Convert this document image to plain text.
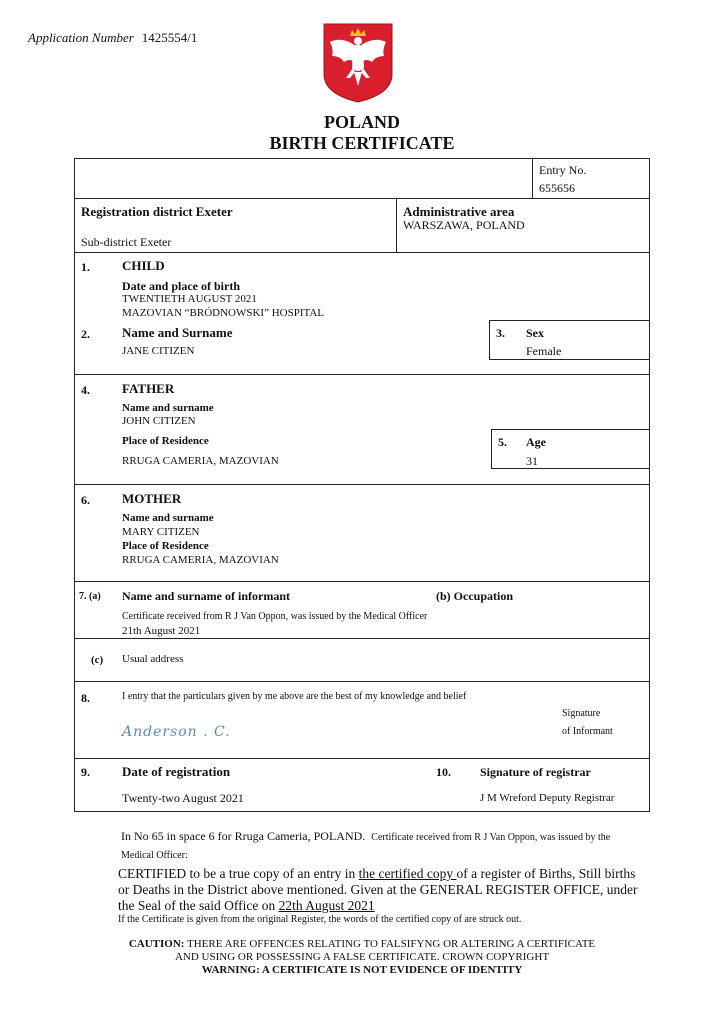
Application Number 1425554/1
POLAND
BIRTH CERTIFICATE
Entry No.
655656
Registration district Exeter
Sub-district Exeter
Administrative area
WARSZAWA, POLAND
1. CHILD
Date and place of birth
TWENTIETH AUGUST 2021
MAZOVIAN “BRÓDNOWSKI” HOSPITAL
2. Name and Surname
JANE CITIZEN
3. Sex
Female
4. FATHER
Name and surname
JOHN CITIZEN
Place of Residence
RRUGA CAMERIA, MAZOVIAN
5. Age
31
6. MOTHER
Name and surname
MARY CITIZEN
Place of Residence
RRUGA CAMERIA, MAZOVIAN
7. (a) Name and surname of informant	(b) Occupation
Certificate received from R J Van Oppon, was issued by the Medical Officer
21th August 2021
(c) Usual address
8.	I entry that the particulars given by me above are the best of my knowledge and belief
Anderson . C.
Signature
of Informant
9. Date of registration
Twenty-two August 2021
10. Signature of registrar
J M Wreford Deputy Registrar
In No 65 in space 6 for Rruga Cameria, POLAND. Certificate received from R J Van Oppon, was issued by the
Medical Officer:
CERTIFIED to be a true copy of an entry in the certified copy of a register of Births, Still births
or Deaths in the District above mentioned. Given at the GENERAL REGISTER OFFICE, under
the Seal of the said Office on 22th August 2021
If the Certificate is given from the original Register, the words of the certified copy of are struck out.
CAUTION: THERE ARE OFFENCES RELATING TO FALSIFYNG OR ALTERING A CERTIFICATE
AND USING OR POSSESSING A FALSE CERTIFICATE. CROWN COPYRIGHT
WARNING: A CERTIFICATE IS NOT EVIDENCE OF IDENTITY
